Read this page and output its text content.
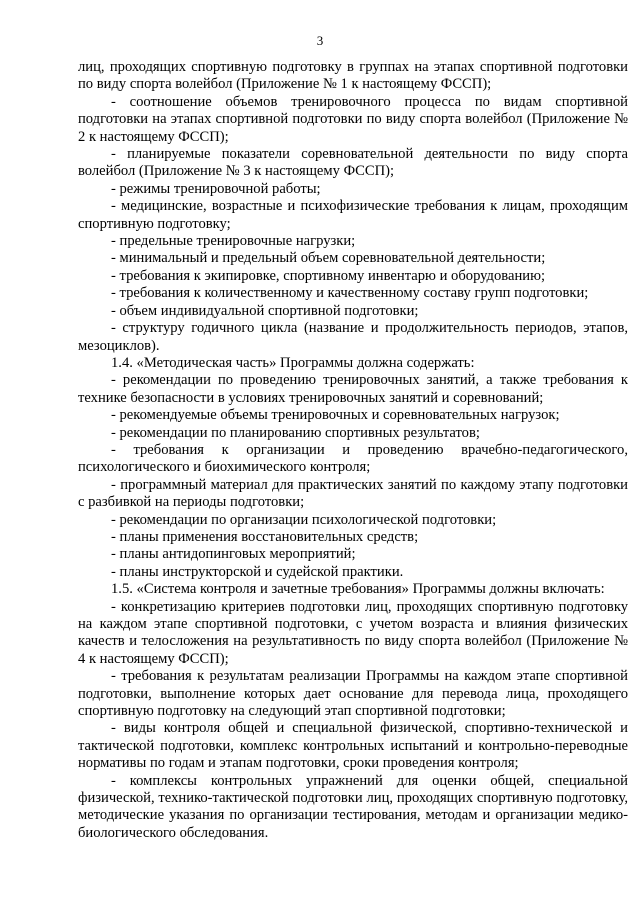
3

лиц, проходящих спортивную подготовку в группах на этапах спортивной подготовки по виду спорта волейбол (Приложение № 1 к настоящему ФССП);

- соотношение объемов тренировочного процесса по видам спортивной подготовки на этапах спортивной подготовки по виду спорта волейбол (Приложение № 2 к настоящему ФССП);

- планируемые показатели соревновательной деятельности по виду спорта волейбол (Приложение № 3 к настоящему ФССП);

- режимы тренировочной работы;

- медицинские, возрастные и психофизические требования к лицам, проходящим спортивную подготовку;

- предельные тренировочные нагрузки;

- минимальный и предельный объем соревновательной деятельности;

- требования к экипировке, спортивному инвентарю и оборудованию;

- требования к количественному и качественному составу групп подготовки;

- объем индивидуальной спортивной подготовки;

- структуру годичного цикла (название и продолжительность периодов, этапов, мезоциклов).

1.4. «Методическая часть» Программы должна содержать:

- рекомендации по проведению тренировочных занятий, а также требования к технике безопасности в условиях тренировочных занятий и соревнований;

- рекомендуемые объемы тренировочных и соревновательных нагрузок;

- рекомендации по планированию спортивных результатов;

- требования к организации и проведению врачебно-педагогического, психологического и биохимического контроля;

- программный материал для практических занятий по каждому этапу подготовки с разбивкой на периоды подготовки;

- рекомендации по организации психологической подготовки;

- планы применения восстановительных средств;

- планы антидопинговых мероприятий;

- планы инструкторской и судейской практики.

1.5. «Система контроля и зачетные требования» Программы должны включать:

- конкретизацию критериев подготовки лиц, проходящих спортивную подготовку на каждом этапе спортивной подготовки, с учетом возраста и влияния физических качеств и телосложения на результативность по виду спорта волейбол (Приложение № 4 к настоящему ФССП);

- требования к результатам реализации Программы на каждом этапе спортивной подготовки, выполнение которых дает основание для перевода лица, проходящего спортивную подготовку на следующий этап спортивной подготовки;

- виды контроля общей и специальной физической, спортивно-технической и тактической подготовки, комплекс контрольных испытаний и контрольно-переводные нормативы по годам и этапам подготовки, сроки проведения контроля;

- комплексы контрольных упражнений для оценки общей, специальной физической, технико-тактической подготовки лиц, проходящих спортивную подготовку, методические указания по организации тестирования, методам и организации медико-биологического обследования.
